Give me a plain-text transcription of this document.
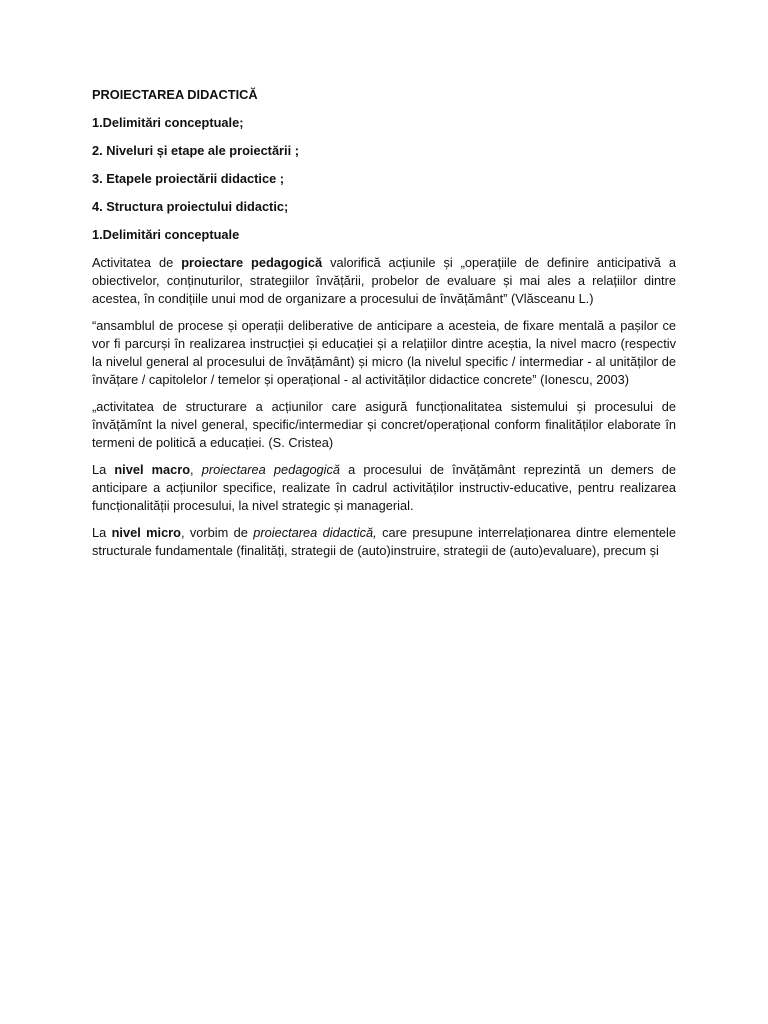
PROIECTAREA DIDACTICĂ

1.Delimitări conceptuale;

2. Niveluri și etape ale proiectării ;

3. Etapele proiectării didactice ;

4. Structura proiectului didactic;

1.Delimitări conceptuale

Activitatea de proiectare pedagogică valorifică acțiunile și „operațiile de definire anticipativă a obiectivelor, conținuturilor, strategiilor învățării, probelor de evaluare și mai ales a relațiilor dintre acestea, în condițiile unui mod de organizare a procesului de învățământ” (Vlăsceanu L.)

“ansamblul de procese și operații deliberative de anticipare a acesteia, de fixare mentală a pașilor ce vor fi parcurși în realizarea instrucției și educației și a relațiilor dintre aceștia, la nivel macro (respectiv la nivelul general al procesului de învățământ) și micro (la nivelul specific / intermediar - al unităților de învățare / capitolelor / temelor și operațional - al activităților didactice concrete” (Ionescu, 2003)

„activitatea de structurare a acțiunilor care asigură funcționalitatea sistemului și procesului de învățămînt la nivel general, specific/intermediar și concret/operațional conform finalităților elaborate în termeni de politică a educației. (S. Cristea)

La nivel macro, proiectarea pedagogică a procesului de învățământ reprezintă un demers de anticipare a acțiunilor specifice, realizate în cadrul activităților instructiv-educative, pentru realizarea funcționalității procesului, la nivel strategic și managerial.

La nivel micro, vorbim de proiectarea didactică, care presupune interrelaționarea dintre elementele structurale fundamentale (finalități, strategii de (auto)instruire, strategii de (auto)evaluare), precum și
